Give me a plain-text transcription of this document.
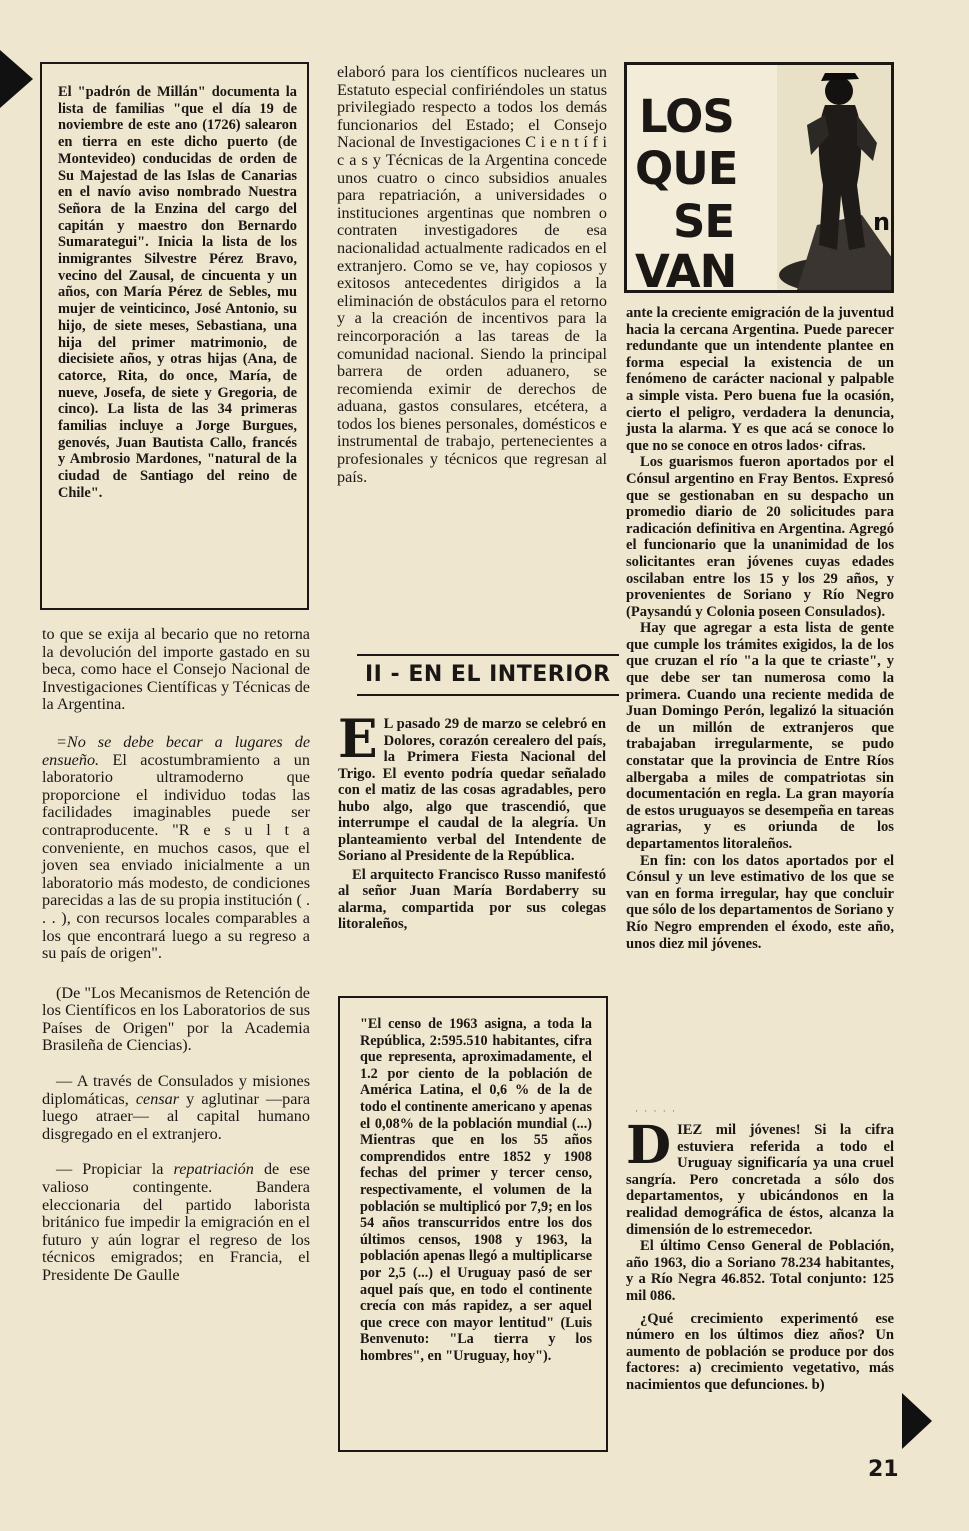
El "padrón de Millán" documenta la lista de familias "que el día 19 de noviembre de este ano (1726) salearon en tierra en este dicho puerto (de Montevideo) conducidas de orden de Su Majestad de las Islas de Canarias en el navío aviso nombrado Nuestra Señora de la Enzina del cargo del capitán y maestro don Bernardo Sumarategui". Inicia la lista de los inmigrantes Silvestre Pérez Bravo, vecino del Zausal, de cincuenta y un años, con María Pérez de Sebles, mu mujer de veinticinco, José Antonio, su hijo, de siete meses, Sebastiana, una hija del primer matrimonio, de diecisiete años, y otras hijas (Ana, de catorce, Rita, do once, María, de nueve, Josefa, de siete y Gregoria, de cinco). La lista de las 34 primeras familias incluye a Jorge Burgues, genovés, Juan Bautista Callo, francés y Ambrosio Mardones, "natural de la ciudad de Santiago del reino de Chile".

to que se exija al becario que no retorna la devolución del importe gastado en su beca, como hace el Consejo Nacional de Investigaciones Científicas y Técnicas de la Argentina.

=No se debe becar a lugares de ensueño. El acostumbramiento a un laboratorio ultramoderno que proporcione el individuo todas las facilidades imaginables puede ser contraproducente. "R e s u l t a conveniente, en muchos casos, que el joven sea enviado inicialmente a un laboratorio más modesto, de condiciones parecidas a las de su propia institución ( . . . ), con recursos locales comparables a los que encontrará luego a su regreso a su país de origen".

(De "Los Mecanismos de Retención de los Científicos en los Laboratorios de sus Países de Origen" por la Academia Brasileña de Ciencias).

— A través de Consulados y misiones diplomáticas, censar y aglutinar —para luego atraer— al capital humano disgregado en el extranjero.

— Propiciar la repatriación de ese valioso contingente. Bandera eleccionaria del partido laborista británico fue impedir la emigración en el futuro y aún lograr el regreso de los técnicos emigrados; en Francia, el Presidente De Gaulle

elaboró para los científicos nucleares un Estatuto especial confiriéndoles un status privilegiado respecto a todos los demás funcionarios del Estado; el Consejo Nacional de Investigaciones C i e n t í f i c a s y Técnicas de la Argentina concede unos cuatro o cinco subsidios anuales para repatriación, a universidades o instituciones argentinas que nombren o contraten investigadores de esa nacionalidad actualmente radicados en el extranjero. Como se ve, hay copiosos y exitosos antecedentes dirigidos a la eliminación de obstáculos para el retorno y a la creación de incentivos para la reincorporación a las tareas de la comunidad nacional. Siendo la principal barrera de orden aduanero, se recomienda eximir de derechos de aduana, gastos consulares, etcétera, a todos los bienes personales, domésticos e instrumental de trabajo, pertenecientes a profesionales y técnicos que regresan al país.

II - EN EL INTERIOR

E L pasado 29 de marzo se celebró en Dolores, corazón cerealero del país, la Primera Fiesta Nacional del Trigo. El evento podría quedar señalado con el matiz de las cosas agradables, pero hubo algo, algo que trascendió, que interrumpe el caudal de la alegría. Un planteamiento verbal del Intendente de Soriano al Presidente de la República.

El arquitecto Francisco Russo manifestó al señor Juan María Bordaberry su alarma, compartida por sus colegas litoraleños,

"El censo de 1963 asigna, a toda la República, 2:595.510 habitantes, cifra que representa, aproximadamente, el 1.2 por ciento de la población de América Latina, el 0,6 % de la de todo el continente americano y apenas el 0,08% de la población mundial (...) Mientras que en los 55 años comprendidos entre 1852 y 1908 fechas del primer y tercer censo, respectivamente, el volumen de la población se multiplicó por 7,9; en los 54 años transcurridos entre los dos últimos censos, 1908 y 1963, la población apenas llegó a multiplicarse por 2,5 (...) el Uruguay pasó de ser aquel país que, en todo el continente crecía con más rapidez, a ser aquel que crece con mayor lentitud" (Luis Benvenuto: "La tierra y los hombres", en "Uruguay, hoy").

LOS
QUE
SE
VAN
n

ante la creciente emigración de la juventud hacia la cercana Argentina. Puede parecer redundante que un intendente plantee en forma especial la existencia de un fenómeno de carácter nacional y palpable a simple vista. Pero buena fue la ocasión, cierto el peligro, verdadera la denuncia, justa la alarma. Y es que acá se conoce lo que no se conoce en otros lados· cifras.

Los guarismos fueron aportados por el Cónsul argentino en Fray Bentos. Expresó que se gestionaban en su despacho un promedio diario de 20 solicitudes para radicación definitiva en Argentina. Agregó el funcionario que la unanimidad de los solicitantes eran jóvenes cuyas edades oscilaban entre los 15 y los 29 años, y provenientes de Soriano y Río Negro (Paysandú y Colonia poseen Consulados).

Hay que agregar a esta lista de gente que cumple los trámites exigidos, la de los que cruzan el río "a la que te criaste", y que debe ser tan numerosa como la primera. Cuando una reciente medida de Juan Domingo Perón, legalizó la situación de un millón de extranjeros que trabajaban irregularmente, se pudo constatar que la provincia de Entre Ríos albergaba a miles de compatriotas sin documentación en regla. La gran mayoría de estos uruguayos se desempeña en tareas agrarias, y es oriunda de los departamentos litoraleños.

En fin: con los datos aportados por el Cónsul y un leve estimativo de los que se van en forma irregular, hay que concluir que sólo de los departamentos de Soriano y Río Negro emprenden el éxodo, este año, unos diez mil jóvenes.

· · · · ·

DIEZ mil jóvenes! Si la cifra estuviera referida a todo el Uruguay significaría ya una cruel sangría. Pero concretada a sólo dos departamentos, y ubicándonos en la realidad demográfica de éstos, alcanza la dimensión de lo estremecedor.

El último Censo General de Población, año 1963, dio a Soriano 78.234 habitantes, y a Río Negra 46.852. Total conjunto: 125 mil 086.

¿Qué crecimiento experimentó ese número en los últimos diez años? Un aumento de población se produce por dos factores: a) crecimiento vegetativo, más nacimientos que defunciones. b)

21
